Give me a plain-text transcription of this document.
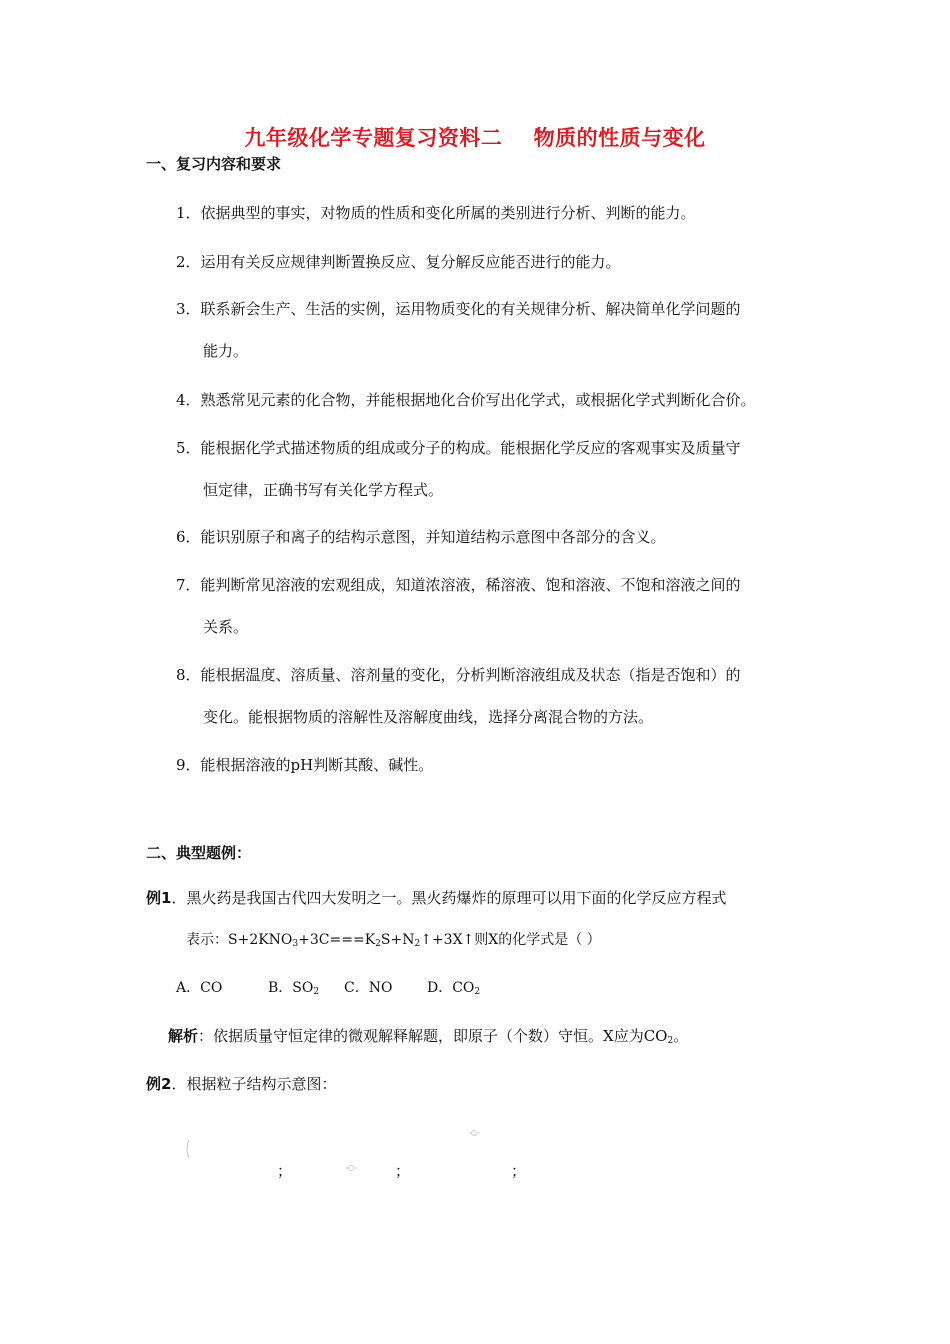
九年级化学专题复习资料二    物质的性质与变化
一、复习内容和要求
1．依据典型的事实，对物质的性质和变化所属的类别进行分析、判断的能力。
2．运用有关反应规律判断置换反应、复分解反应能否进行的能力。
3．联系新会生产、生活的实例，运用物质变化的有关规律分析、解决简单化学问题的
能力。
4．熟悉常见元素的化合物，并能根据地化合价写出化学式，或根据化学式判断化合价。
5．能根据化学式描述物质的组成或分子的构成。能根据化学反应的客观事实及质量守
恒定律，正确书写有关化学方程式。
6．能识别原子和离子的结构示意图，并知道结构示意图中各部分的含义。
7．能判断常见溶液的宏观组成，知道浓溶液，稀溶液、饱和溶液、不饱和溶液之间的
关系。
8．能根据温度、溶质量、溶剂量的变化，分析判断溶液组成及状态（指是否饱和）的
变化。能根据物质的溶解性及溶解度曲线，选择分离混合物的方法。
9．能根据溶液的pH判断其酸、碱性。
二、典型题例：
例1．黑火药是我国古代四大发明之一。黑火药爆炸的原理可以用下面的化学反应方程式
表示：$S+2KNO_3+3C===K_2S+N_2↑+3X↑$则X的化学式是（ ）
A．CO	B．$SO_2$ C．NO D．$CO_2$
解析：依据质量守恒定律的微观解释解题，即原子（个数）守恒。X应为$CO_2$。
例2．根据粒子结构示意图：
；	；	；
